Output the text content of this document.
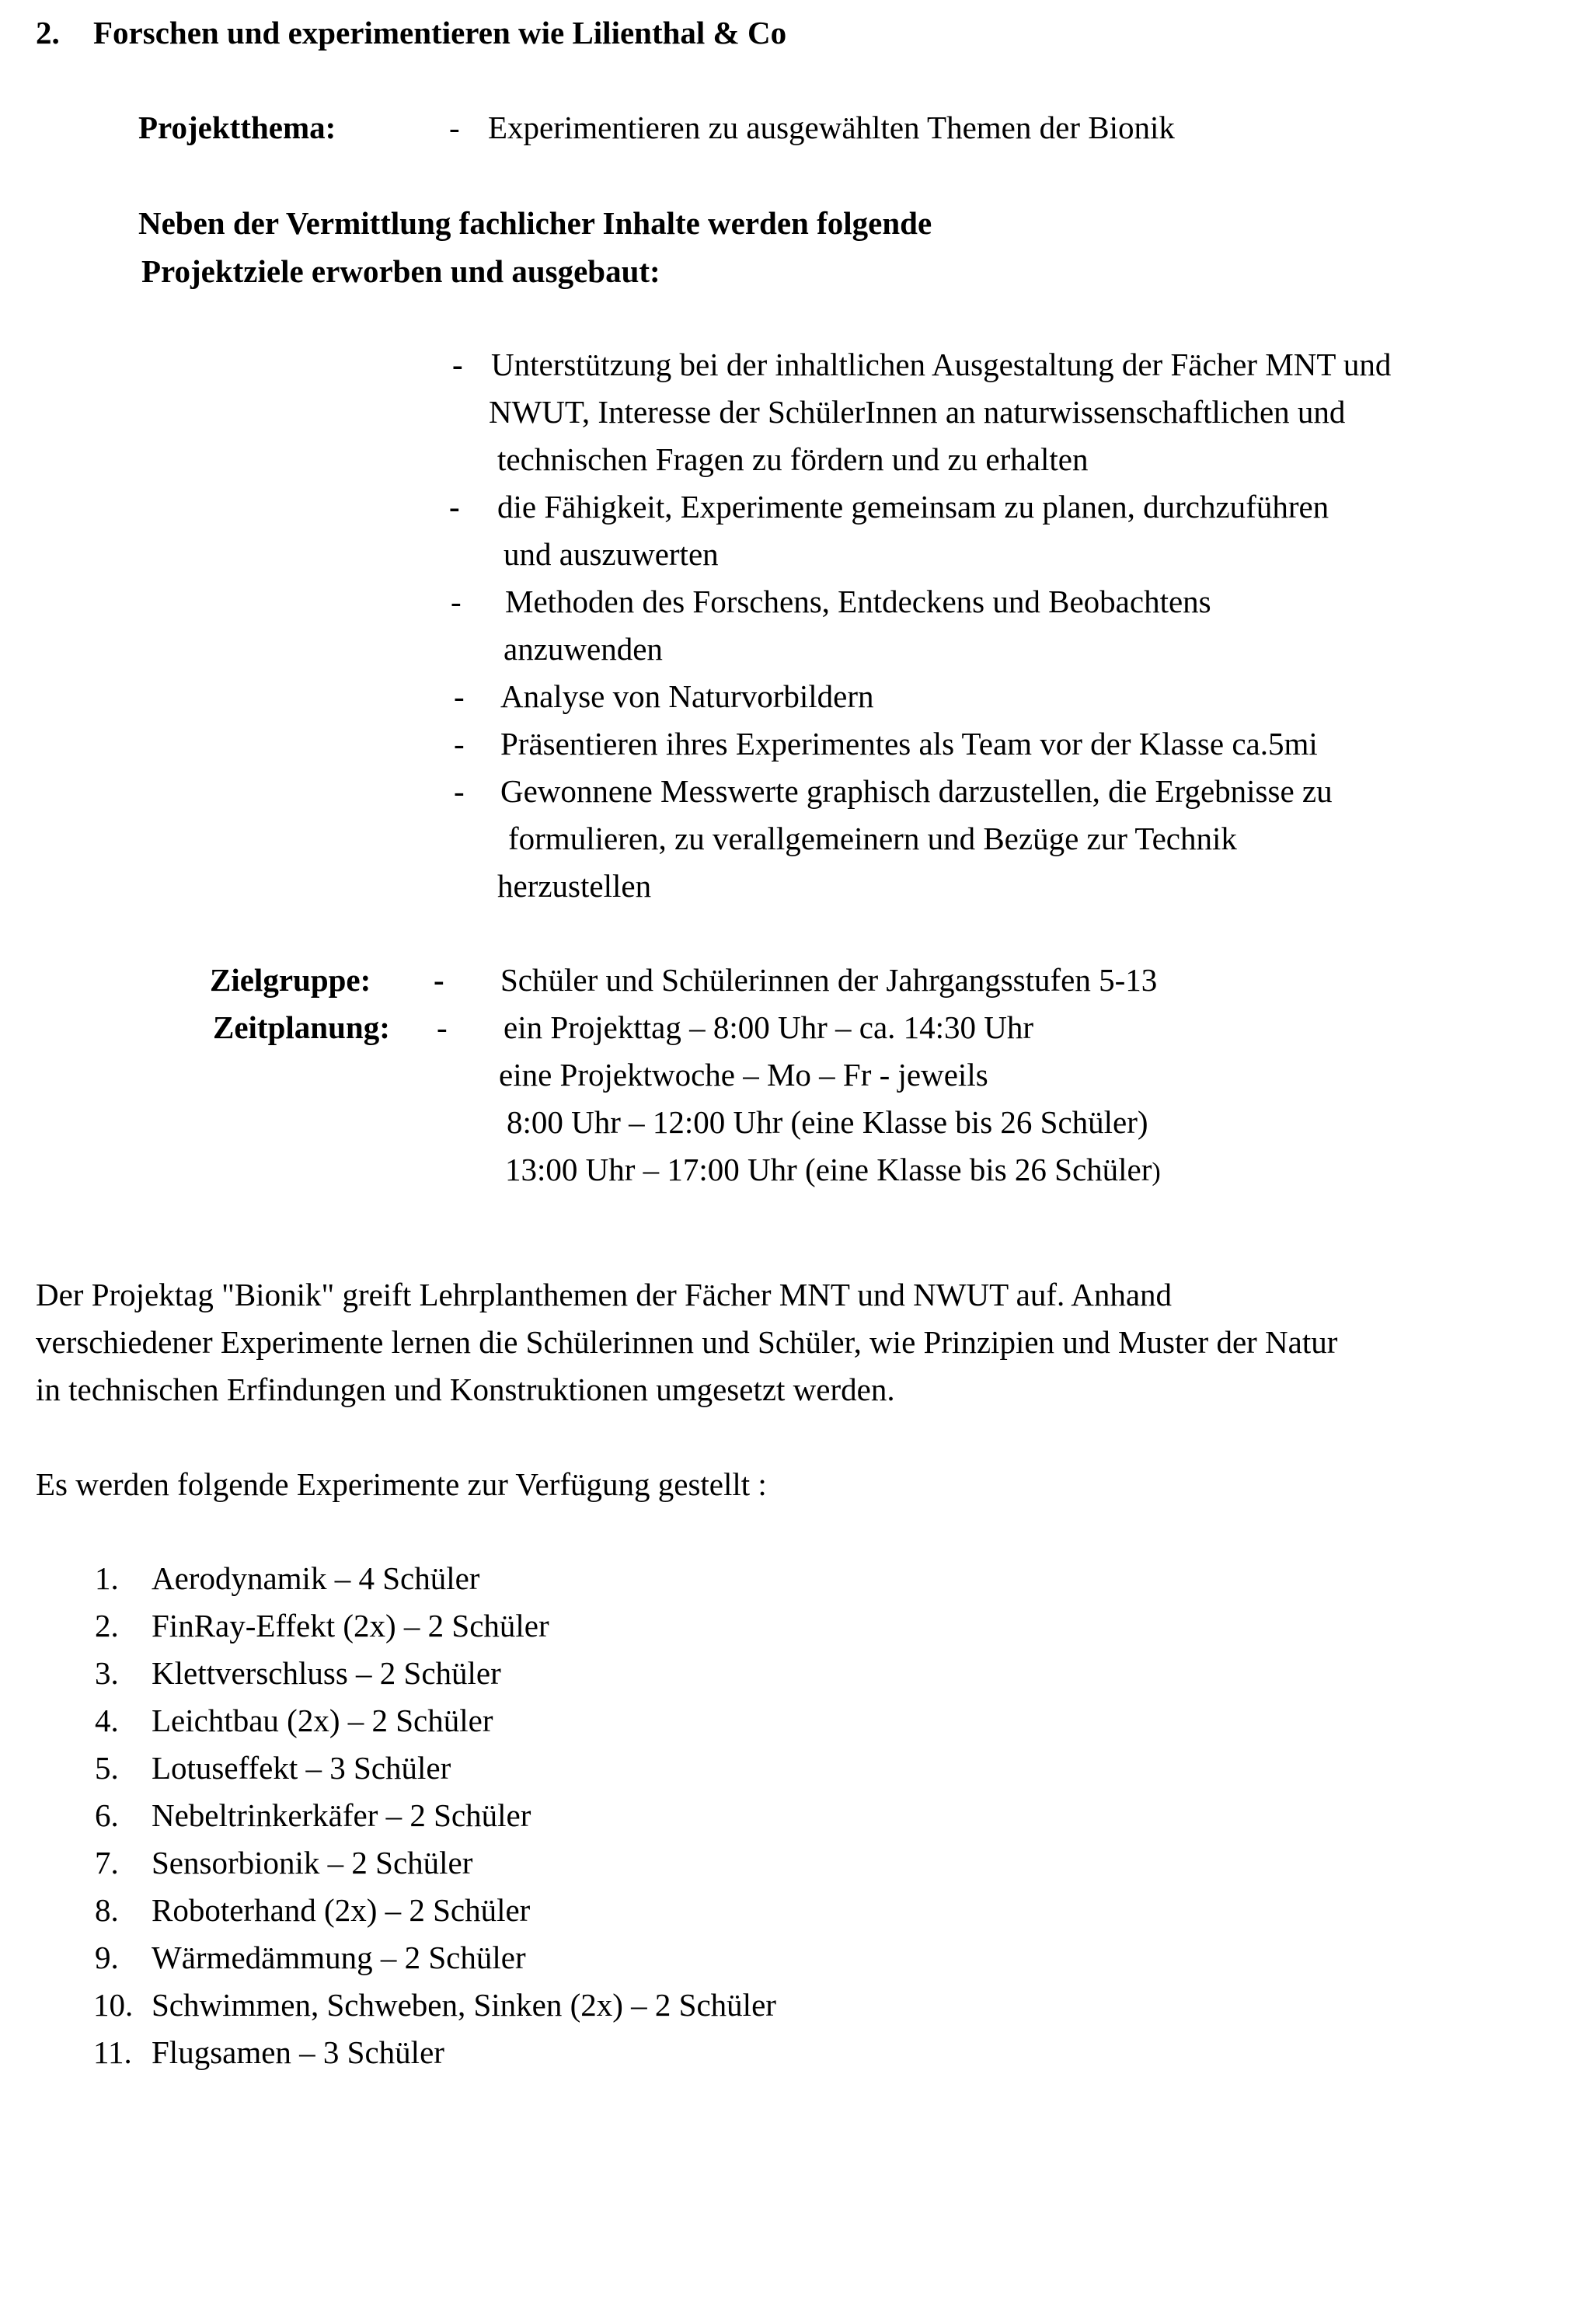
2. Forschen und experimentieren wie Lilienthal & Co
Projektthema:	- Experimentieren zu ausgewählten Themen der Bionik
Neben der Vermittlung fachlicher Inhalte werden folgende
Projektziele erworben und ausgebaut:
- Unterstützung bei der inhaltlichen Ausgestaltung der Fächer MNT und
NWUT, Interesse der SchülerInnen an naturwissenschaftlichen und
technischen Fragen zu fördern und zu erhalten
- die Fähigkeit, Experimente gemeinsam zu planen, durchzuführen
und auszuwerten
- Methoden des Forschens, Entdeckens und Beobachtens
anzuwenden
- Analyse von Naturvorbildern
- Präsentieren ihres Experimentes als Team vor der Klasse ca.5mi
- Gewonnene Messwerte graphisch darzustellen, die Ergebnisse zu
formulieren, zu verallgemeinern und Bezüge zur Technik
herzustellen
Zielgruppe: - Schüler und Schülerinnen der Jahrgangsstufen 5-13
Zeitplanung: - ein Projekttag – 8:00 Uhr – ca. 14:30 Uhr
eine Projektwoche – Mo – Fr - jeweils
8:00 Uhr – 12:00 Uhr (eine Klasse bis 26 Schüler)
13:00 Uhr – 17:00 Uhr (eine Klasse bis 26 Schüler)
Der Projektag "Bionik" greift Lehrplanthemen der Fächer MNT und NWUT auf. Anhand
verschiedener Experimente lernen die Schülerinnen und Schüler, wie Prinzipien und Muster der Natur
in technischen Erfindungen und Konstruktionen umgesetzt werden.
Es werden folgende Experimente zur Verfügung gestellt :
1. Aerodynamik – 4 Schüler
2. FinRay-Effekt (2x) – 2 Schüler
3. Klettverschluss – 2 Schüler
4. Leichtbau (2x) – 2 Schüler
5. Lotuseffekt – 3 Schüler
6. Nebeltrinkerkäfer – 2 Schüler
7. Sensorbionik – 2 Schüler
8. Roboterhand (2x) – 2 Schüler
9. Wärmedämmung – 2 Schüler
10. Schwimmen, Schweben, Sinken (2x) – 2 Schüler
11. Flugsamen – 3 Schüler
